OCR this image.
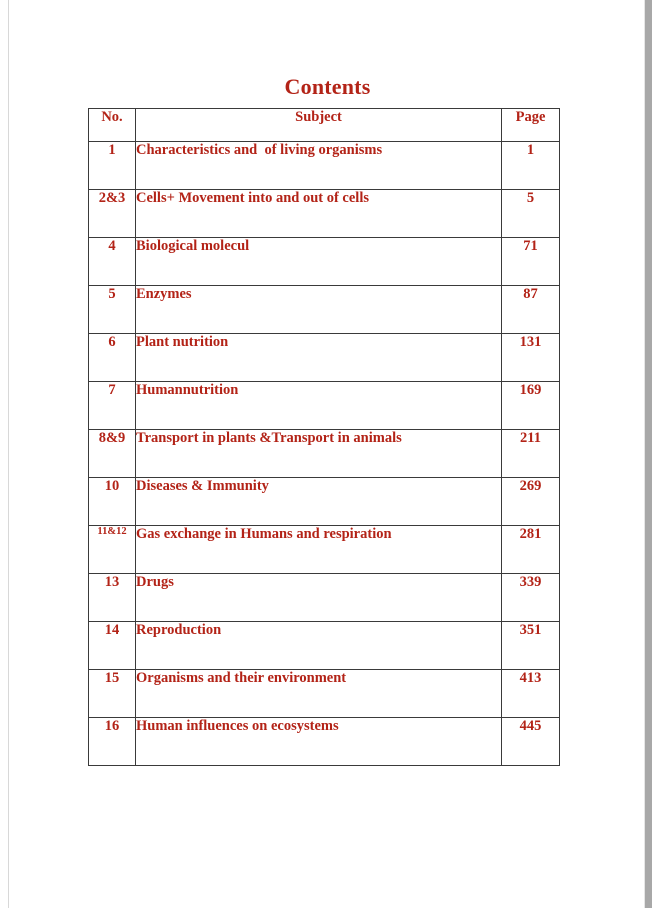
Contents
No.	Subject	Page
1	Characteristics and  of living organisms	1
2&3	Cells+ Movement into and out of cells	5
4	Biological molecul	71
5	Enzymes	87
6	Plant nutrition	131
7	Humannutrition	169
8&9	Transport in plants &Transport in animals	211
10	Diseases & Immunity	269
11&12	Gas exchange in Humans and respiration	281
13	Drugs	339
14	Reproduction	351
15	Organisms and their environment	413
16	Human influences on ecosystems	445
